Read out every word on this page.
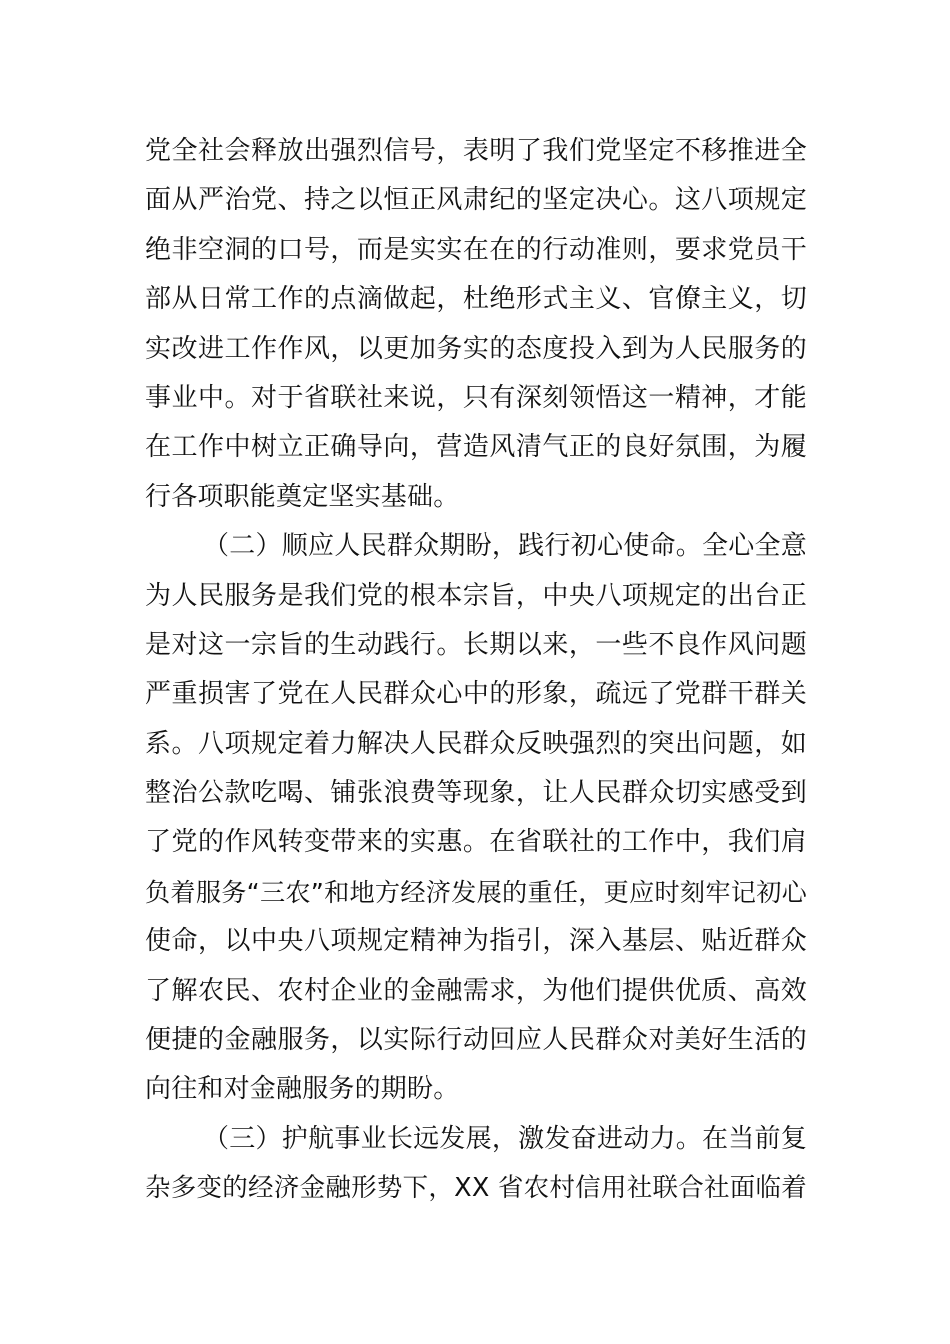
党全社会释放出强烈信号，表明了我们党坚定不移推进全
面从严治党、持之以恒正风肃纪的坚定决心。这八项规定
绝非空洞的口号，而是实实在在的行动准则，要求党员干
部从日常工作的点滴做起，杜绝形式主义、官僚主义，切
实改进工作作风，以更加务实的态度投入到为人民服务的
事业中。对于省联社来说，只有深刻领悟这一精神，才能
在工作中树立正确导向，营造风清气正的良好氛围，为履
行各项职能奠定坚实基础。
（二）顺应人民群众期盼，践行初心使命。全心全意
为人民服务是我们党的根本宗旨，中央八项规定的出台正
是对这一宗旨的生动践行。长期以来，一些不良作风问题
严重损害了党在人民群众心中的形象，疏远了党群干群关
系。八项规定着力解决人民群众反映强烈的突出问题，如
整治公款吃喝、铺张浪费等现象，让人民群众切实感受到
了党的作风转变带来的实惠。在省联社的工作中，我们肩
负着服务“三农”和地方经济发展的重任，更应时刻牢记初心
使命，以中央八项规定精神为指引，深入基层、贴近群众
了解农民、农村企业的金融需求，为他们提供优质、高效
便捷的金融服务，以实际行动回应人民群众对美好生活的
向往和对金融服务的期盼。
（三）护航事业长远发展，激发奋进动力。在当前复
杂多变的经济金融形势下，XX 省农村信用社联合社面临着
